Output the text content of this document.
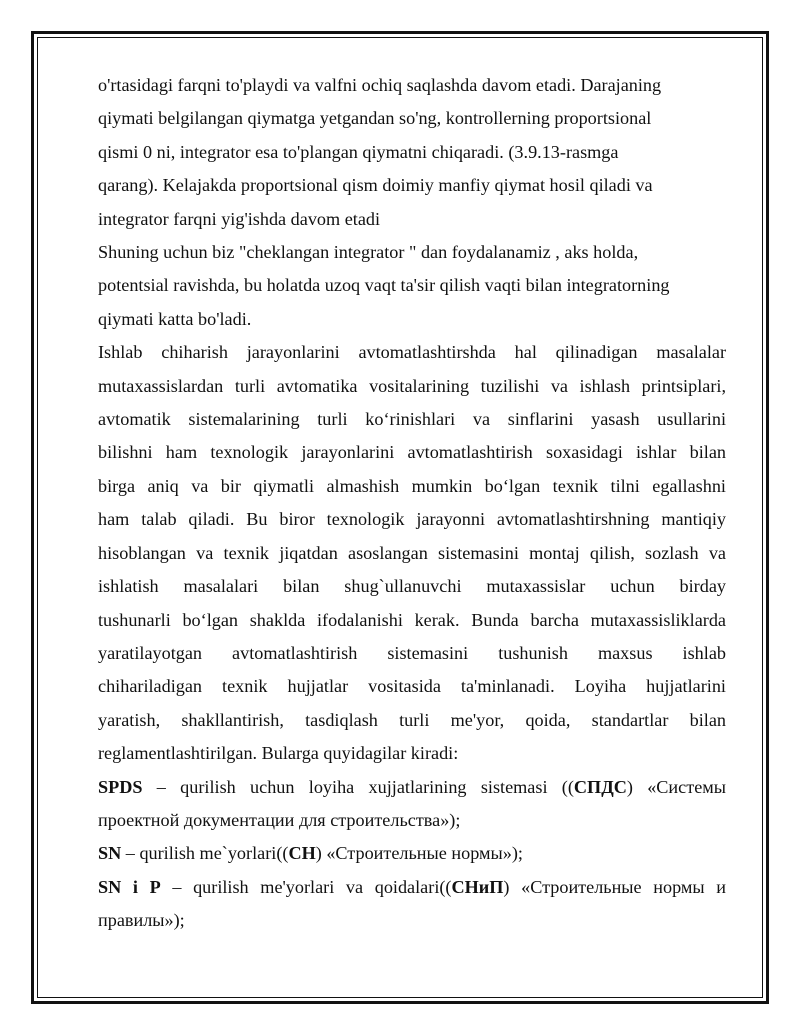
o'rtasidagi farqni to'playdi va valfni ochiq saqlashda davom etadi. Darajaning
qiymati belgilangan qiymatga yetgandan so'ng, kontrollerning proportsional
qismi 0 ni, integrator esa to'plangan qiymatni chiqaradi. (3.9.13-rasmga
qarang). Kelajakda proportsional qism doimiy manfiy qiymat hosil qiladi va
integrator farqni yig'ishda davom etadi

Shuning uchun biz "cheklangan integrator " dan foydalanamiz , aks holda,
potentsial ravishda, bu holatda uzoq vaqt ta'sir qilish vaqti bilan integratorning
qiymati katta bo'ladi.

Ishlab chiharish jarayonlarini avtomatlashtirshda hal qilinadigan masalalar
mutaxassislardan turli avtomatika vositalarining tuzilishi va ishlash printsiplari,
avtomatik sistemalarining turli ko‘rinishlari va sinflarini yasash usullarini
bilishni ham texnologik jarayonlarini avtomatlashtirish soxasidagi ishlar bilan
birga aniq va bir qiymatli almashish mumkin bo‘lgan texnik tilni egallashni
ham talab qiladi. Bu biror texnologik jarayonni avtomatlashtirshning mantiqiy
hisoblangan va texnik jiqatdan asoslangan sistemasini montaj qilish, sozlash va
ishlatish masalalari bilan shug`ullanuvchi mutaxassislar uchun birday
tushunarli bo‘lgan shaklda ifodalanishi kerak. Bunda barcha mutaxassisliklarda
yaratilayotgan avtomatlashtirish sistemasini tushunish maxsus ishlab
chihariladigan texnik hujjatlar vositasida ta'minlanadi. Loyiha hujjatlarini
yaratish, shakllantirish, tasdiqlash turli me'yor, qoida, standartlar bilan
reglamentlashtirilgan. Bularga quyidagilar kiradi:

SPDS – qurilish uchun loyiha xujjatlarining sistemasi ((СПДС) «Системы
проектной документации для строительства»);

SN – qurilish me`yorlari((СН) «Строительные нормы»);

SN i P – qurilish me'yorlari va qoidalari((СНиП) «Строительные нормы и
правилы»);
